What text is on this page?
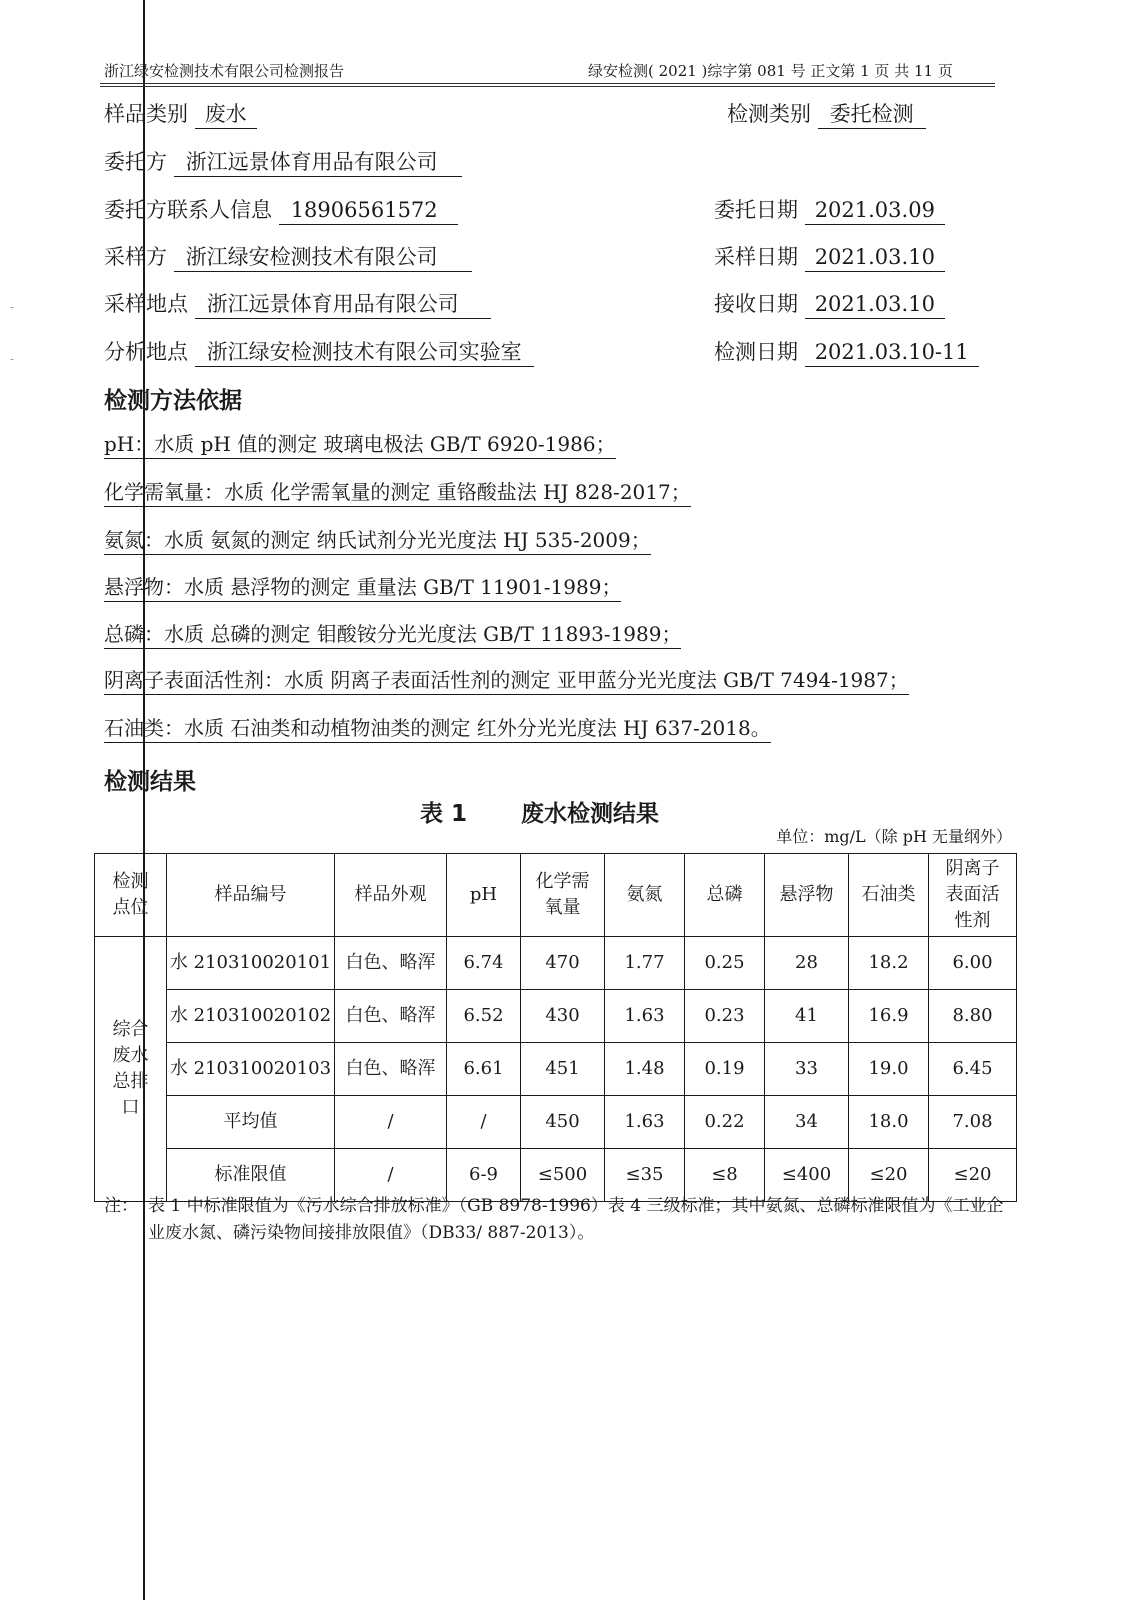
-
-
浙江绿安检测技术有限公司检测报告	绿安检测( 2021 )综字第 081 号 正文第 1 页 共 11 页
样品类别 废水	检测类别 委托检测
委托方 浙江远景体育用品有限公司
委托方联系人信息 18906561572	委托日期 2021.03.09
采样方 浙江绿安检测技术有限公司	采样日期 2021.03.10
采样地点 浙江远景体育用品有限公司	接收日期 2021.03.10
分析地点 浙江绿安检测技术有限公司实验室	检测日期 2021.03.10-11
检测方法依据
pH：水质 pH 值的测定 玻璃电极法 GB/T 6920-1986；
化学需氧量：水质 化学需氧量的测定 重铬酸盐法 HJ 828-2017；
氨氮：水质 氨氮的测定 纳氏试剂分光光度法 HJ 535-2009；
悬浮物：水质 悬浮物的测定 重量法 GB/T 11901-1989；
总磷：水质 总磷的测定 钼酸铵分光光度法 GB/T 11893-1989；
阴离子表面活性剂：水质 阴离子表面活性剂的测定 亚甲蓝分光光度法 GB/T 7494-1987；
石油类：水质 石油类和动植物油类的测定 红外分光光度法 HJ 637-2018。
检测结果
表 1 废水检测结果
单位：mg/L（除 pH 无量纲外）
检测点位	样品编号	样品外观	pH	化学需氧量	氨氮	总磷	悬浮物	石油类	阴离子表面活性剂
综合废水总排口	水 210310020101	白色、略浑	6.74	470	1.77	0.25	28	18.2	6.00
	水 210310020102	白色、略浑	6.52	430	1.63	0.23	41	16.9	8.80
	水 210310020103	白色、略浑	6.61	451	1.48	0.19	33	19.0	6.45
	平均值	/	/	450	1.63	0.22	34	18.0	7.08
	标准限值	/	6-9	≤500	≤35	≤8	≤400	≤20	≤20
注： 表 1 中标准限值为《污水综合排放标准》（GB 8978-1996）表 4 三级标准；其中氨氮、总磷标准限值为《工业企业废水氮、磷污染物间接排放限值》（DB33/ 887-2013）。
